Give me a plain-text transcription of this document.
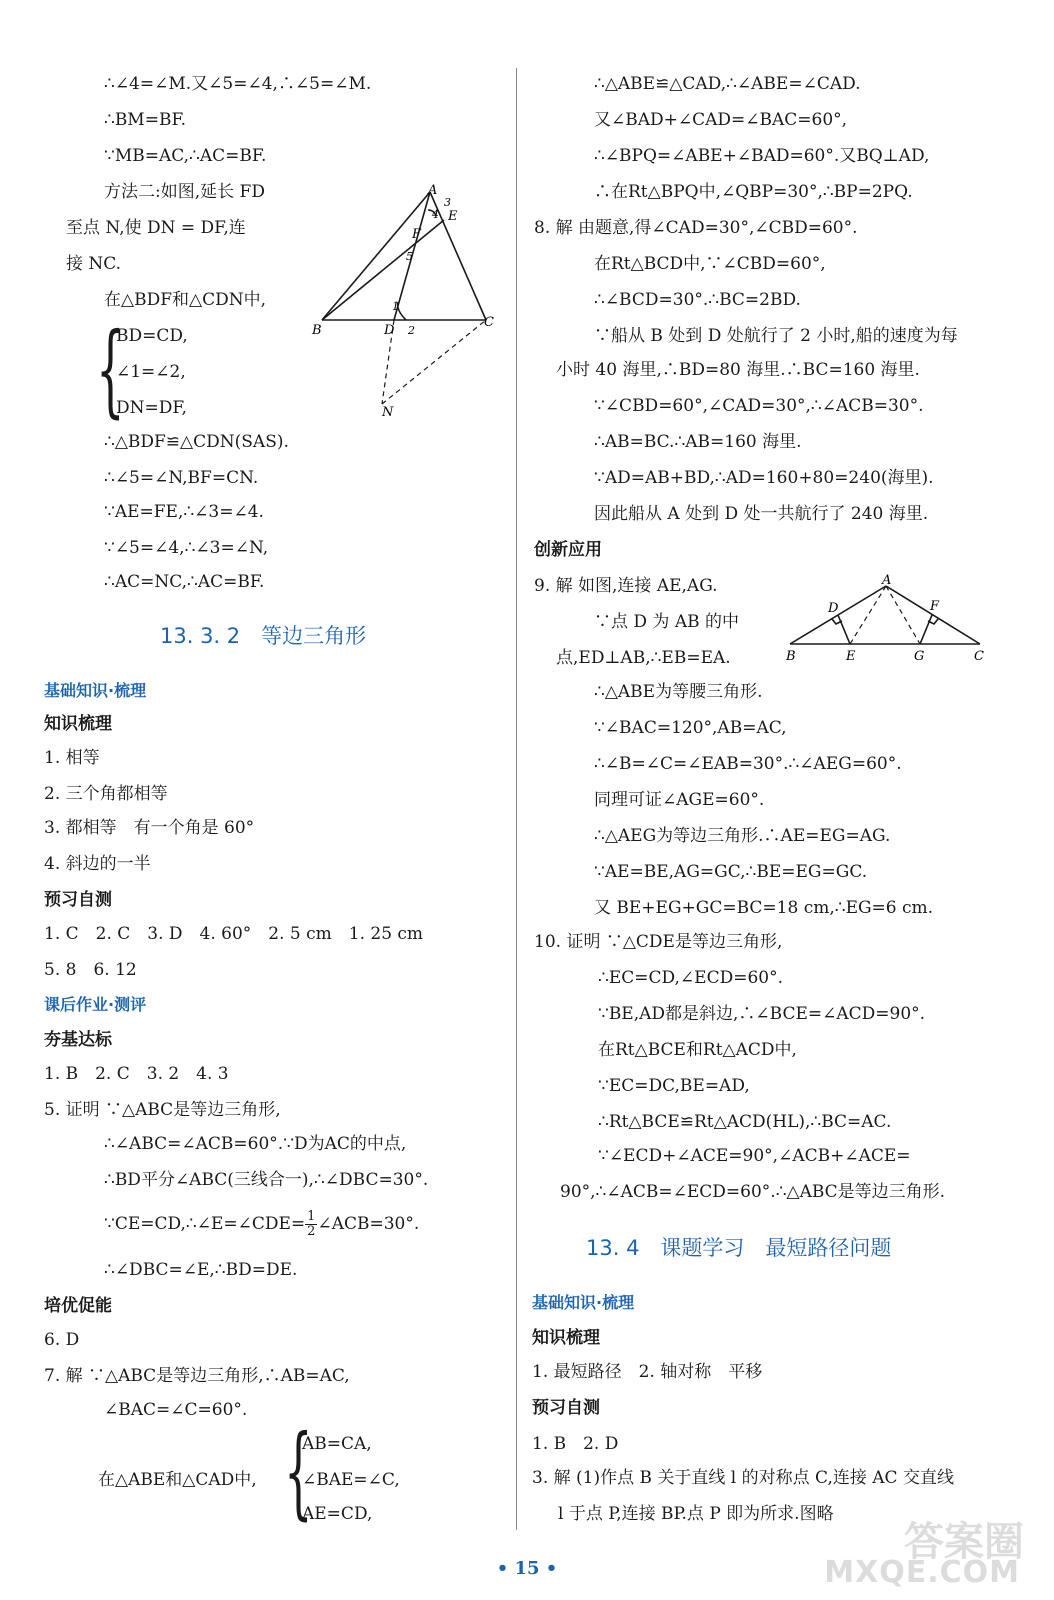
∴∠4=∠M.又∠5=∠4,∴∠5=∠M.
∴BM=BF.
∵MB=AC,∴AC=BF.
方法二:如图,延长 FD
至点 N,使 DN = DF,连
接 NC.
在△BDF和△CDN中,
{
BD=CD,
∠1=∠2,
DN=DF,
∴△BDF≌△CDN(SAS).
∴∠5=∠N,BF=CN.
∵AE=FE,∴∠3=∠4.
∵∠5=∠4,∴∠3=∠N,
∴AC=NC,∴AC=BF.
A
3
4 E
F
5
1
B	D 2
C
N
13. 3. 2　等边三角形
基础知识·梳理
知识梳理
1. 相等
2. 三个角都相等
3. 都相等　有一个角是 60°
4. 斜边的一半
预习自测
1. C　2. C　3. D　4. 60°　2. 5 cm　1. 25 cm
5. 8　6. 12
课后作业·测评
夯基达标
1. B　2. C　3. 2　4. 3
5. 证明 ∵△ABC是等边三角形,
∴∠ABC=∠ACB=60°.∵D为AC的中点,
∴BD平分∠ABC(三线合一),∴∠DBC=30°.
∵CE=CD,∴∠E=∠CDE= $\frac{1}{2}$ ∠ACB=30°.
∴∠DBC=∠E,∴BD=DE.
培优促能
6. D
7. 解 ∵△ABC是等边三角形,∴AB=AC,
∠BAC=∠C=60°.
在△ABE和△CAD中, {
AB=CA,
∠BAE=∠C,
AE=CD,
∴△ABE≌△CAD,∴∠ABE=∠CAD.
又∠BAD+∠CAD=∠BAC=60°,
∴∠BPQ=∠ABE+∠BAD=60°.又BQ⊥AD,
∴在Rt△BPQ中,∠QBP=30°,∴BP=2PQ.
8. 解 由题意,得∠CAD=30°,∠CBD=60°.
在Rt△BCD中,∵∠CBD=60°,
∴∠BCD=30°.∴BC=2BD.
∵船从 B 处到 D 处航行了 2 小时,船的速度为每
小时 40 海里,∴BD=80 海里.∴BC=160 海里.
∵∠CBD=60°,∠CAD=30°,∴∠ACB=30°.
∴AB=BC.∴AB=160 海里.
∵AD=AB+BD,∴AD=160+80=240(海里).
因此船从 A 处到 D 处一共航行了 240 海里.
创新应用
9. 解 如图,连接 AE,AG.
∵点 D 为 AB 的中
点,ED⊥AB,∴EB=EA.
A
D	F
B	E	G	C
∴△ABE为等腰三角形.
∵∠BAC=120°,AB=AC,
∴∠B=∠C=∠EAB=30°.∴∠AEG=60°.
同理可证∠AGE=60°.
∴△AEG为等边三角形.∴AE=EG=AG.
∵AE=BE,AG=GC,∴BE=EG=GC.
又 BE+EG+GC=BC=18 cm,∴EG=6 cm.
10. 证明 ∵△CDE是等边三角形,
∴EC=CD,∠ECD=60°.
∵BE,AD都是斜边,∴∠BCE=∠ACD=90°.
在Rt△BCE和Rt△ACD中,
∵EC=DC,BE=AD,
∴Rt△BCE≌Rt△ACD(HL),∴BC=AC.
∵∠ECD+∠ACE=90°,∠ACB+∠ACE=
90°,∴∠ACB=∠ECD=60°.∴△ABC是等边三角形.
13. 4　课题学习　最短路径问题
基础知识·梳理
知识梳理
1. 最短路径　2. 轴对称　平移
预习自测
1. B　2. D
3. 解 (1)作点 B 关于直线 l 的对称点 C,连接 AC 交直线
l 于点 P,连接 BP.点 P 即为所求.图略
答案圈
MXQE.COM
• 15 •
